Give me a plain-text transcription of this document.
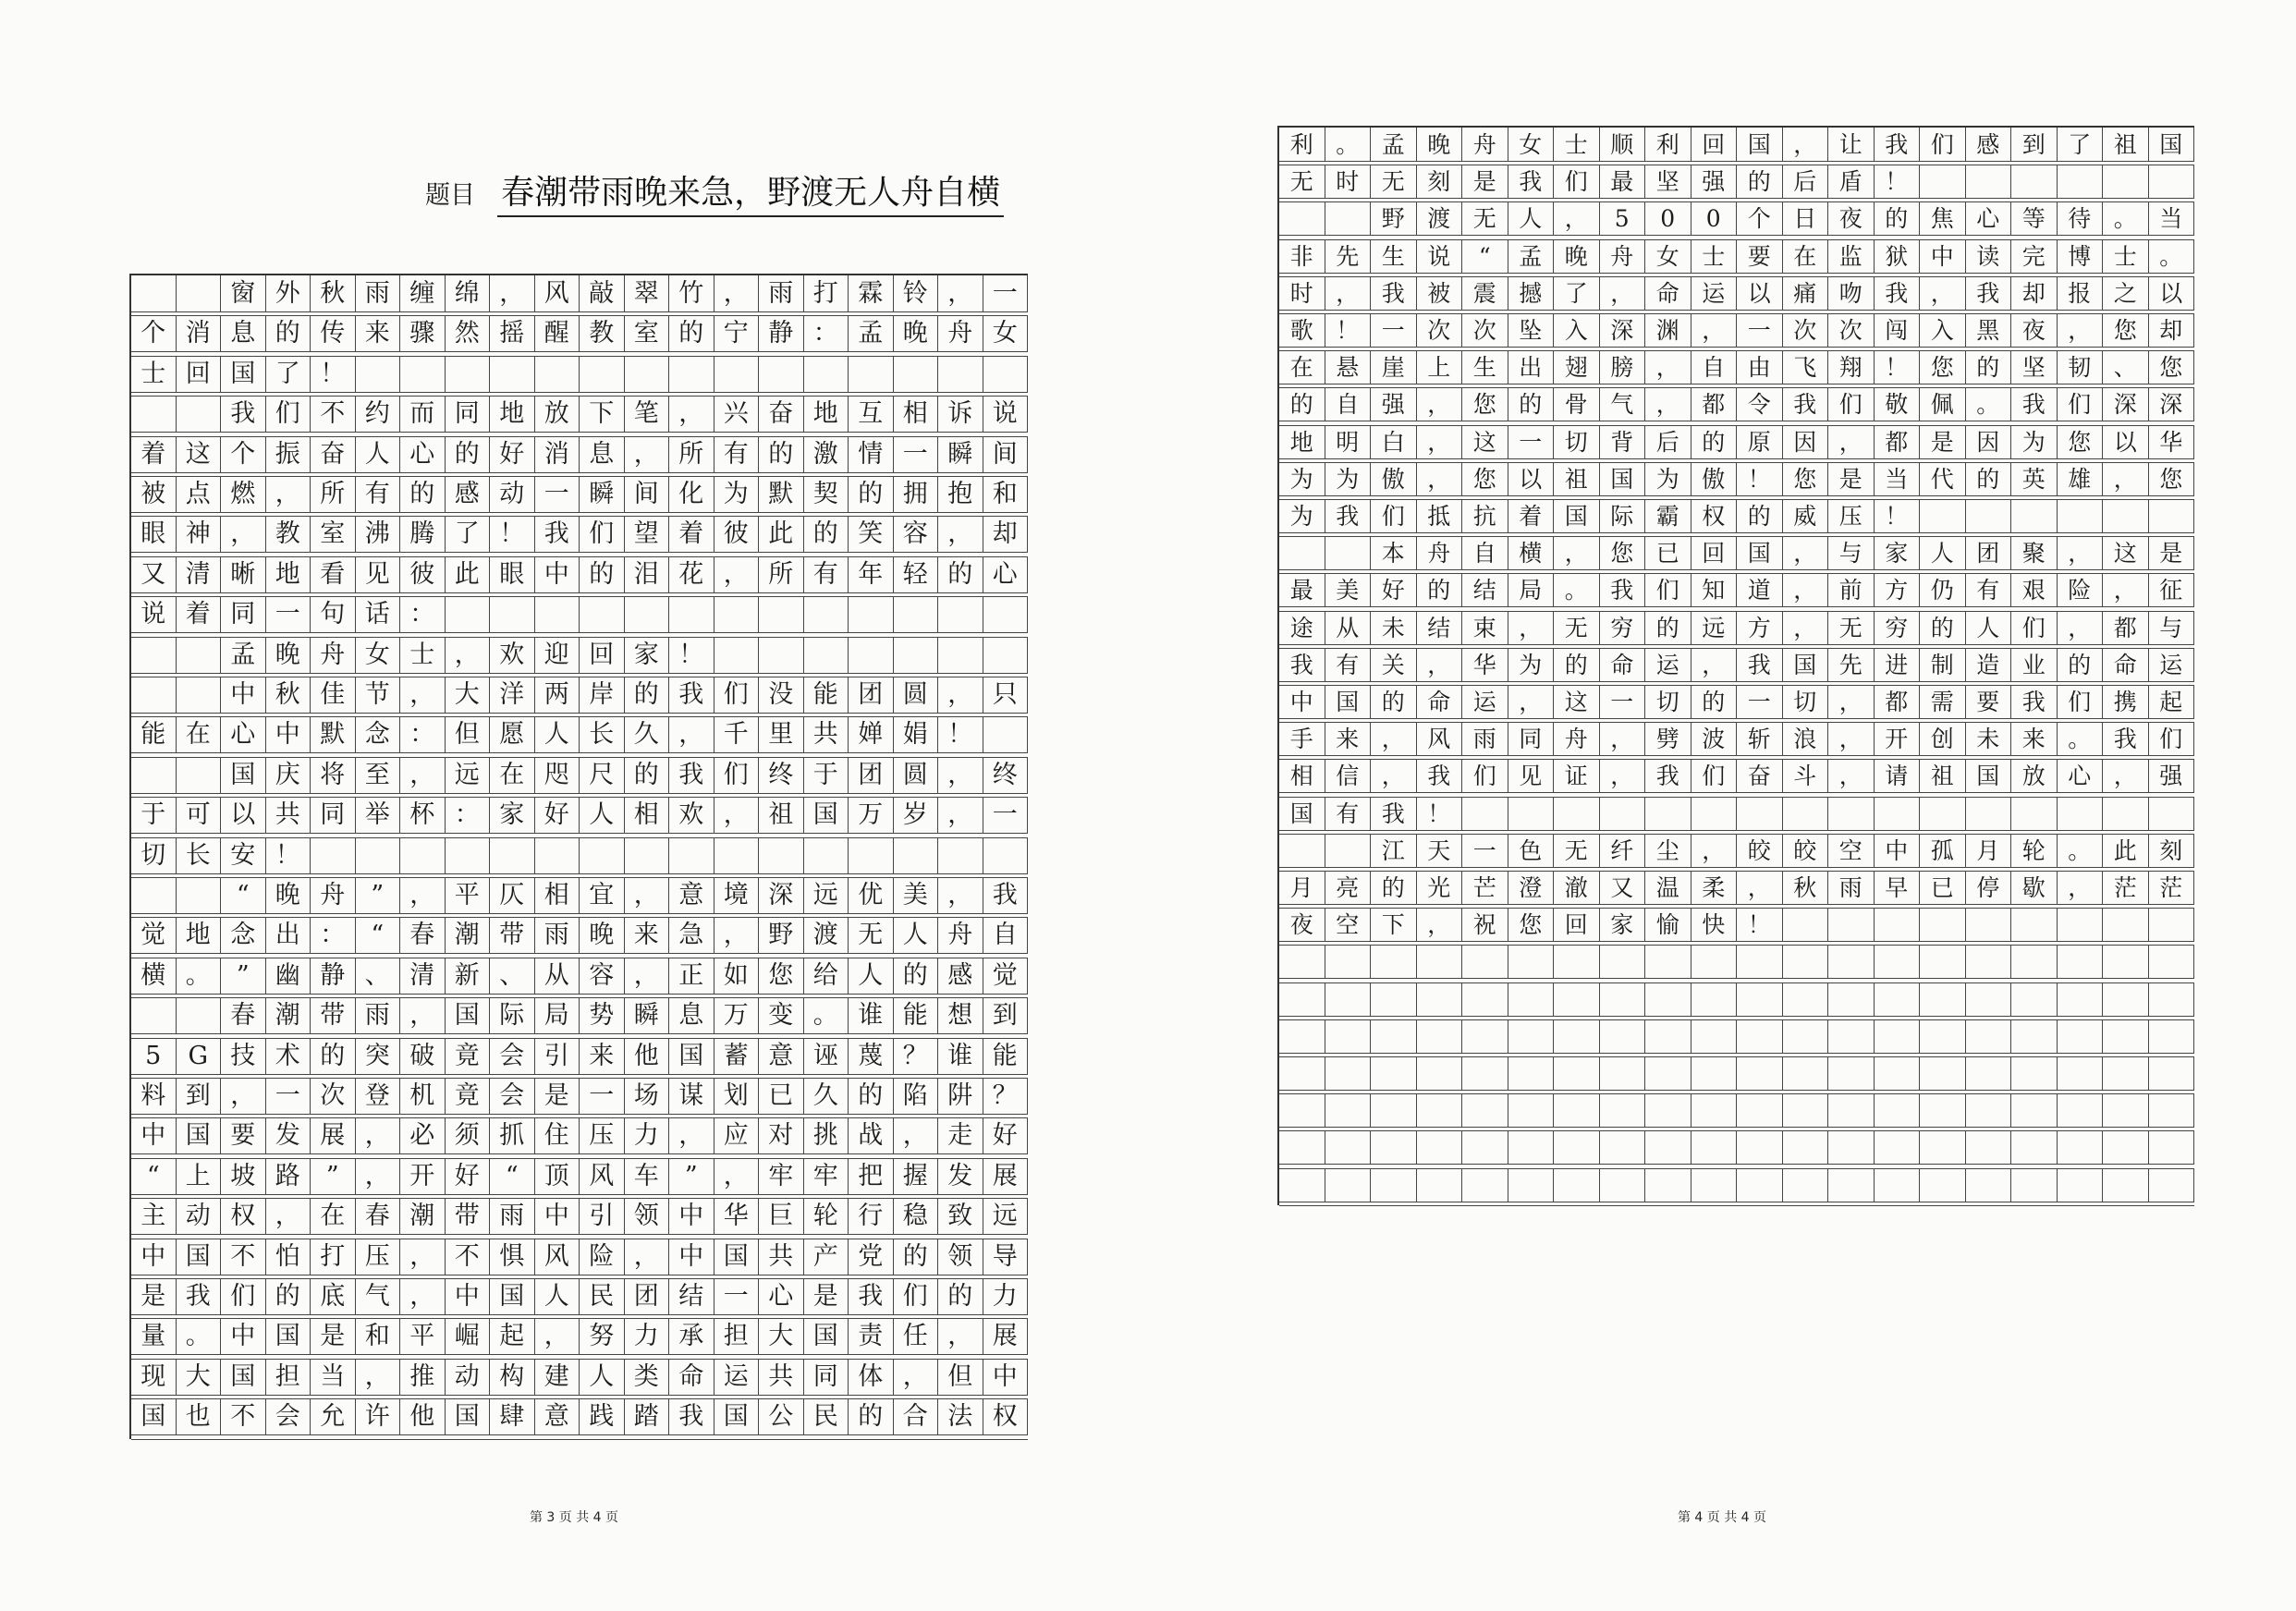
题目 春潮带雨晚来急，野渡无人舟自横
窗 外 秋 雨 缠 绵 ， 风 敲 翠 竹 ， 雨 打 霖 铃 ， 一
个 消 息 的 传 来 骤 然 摇 醒 教 室 的 宁 静 ： 孟 晚 舟 女
士 回 国 了 ！
我 们 不 约 而 同 地 放 下 笔 ， 兴 奋 地 互 相 诉 说
着 这 个 振 奋 人 心 的 好 消 息 ， 所 有 的 激 情 一 瞬 间
被 点 燃 ， 所 有 的 感 动 一 瞬 间 化 为 默 契 的 拥 抱 和
眼 神 ， 教 室 沸 腾 了 ！ 我 们 望 着 彼 此 的 笑 容 ， 却
又 清 晰 地 看 见 彼 此 眼 中 的 泪 花 ， 所 有 年 轻 的 心
说 着 同 一 句 话 ：
孟 晚 舟 女 士 ， 欢 迎 回 家 ！
中 秋 佳 节 ， 大 洋 两 岸 的 我 们 没 能 团 圆 ， 只
能 在 心 中 默 念 ： 但 愿 人 长 久 ， 千 里 共 婵 娟 ！
国 庆 将 至 ， 远 在 咫 尺 的 我 们 终 于 团 圆 ， 终
于 可 以 共 同 举 杯 ： 家 好 人 相 欢 ， 祖 国 万 岁 ， 一
切 长 安 ！
“	晚 舟	”	， 平 仄 相 宜 ， 意 境 深 远 优 美 ， 我
觉 地 念 出 ：	“	春 潮 带 雨 晚 来 急 ， 野 渡 无 人 舟 自
横 。	”	幽 静 、 清 新 、 从 容 ， 正 如 您 给 人 的 感 觉
春 潮 带 雨 ， 国 际 局 势 瞬 息 万 变 。 谁 能 想 到
5	G 技 术 的 突 破 竟 会 引 来 他 国 蓄 意 诬 蔑 ？ 谁 能
料 到 ， 一 次 登 机 竟 会 是 一 场 谋 划 已 久 的 陷 阱 ？
中 国 要 发 展 ， 必 须 抓 住 压 力 ， 应 对 挑 战 ， 走 好
“	上 坡 路	”	， 开 好	“	顶 风 车	”	， 牢 牢 把 握 发 展
主 动 权 ， 在 春 潮 带 雨 中 引 领 中 华 巨 轮 行 稳 致 远
中 国 不 怕 打 压 ， 不 惧 风 险 ， 中 国 共 产 党 的 领 导
是 我 们 的 底 气 ， 中 国 人 民 团 结 一 心 是 我 们 的 力
量 。 中 国 是 和 平 崛 起 ， 努 力 承 担 大 国 责 任 ， 展
现 大 国 担 当 ， 推 动 构 建 人 类 命 运 共 同 体 ， 但 中
国 也 不 会 允 许 他 国 肆 意 践 踏 我 国 公 民 的 合 法 权
第 3 页 共 4 页
利 。 孟 晚 舟 女 士 顺 利 回 国 ， 让 我 们 感 到 了 祖 国
无 时 无 刻 是 我 们 最 坚 强 的 后 盾 ！
野 渡 无 人 ，	5	0	0	个 日 夜 的 焦 心 等 待 。 当
非 先 生 说	“	孟 晚 舟 女 士 要 在 监 狱 中 读 完 博 士 。
时 ， 我 被 震 撼 了 ， 命 运 以 痛 吻 我 ， 我 却 报 之 以
歌 ！ 一 次 次 坠 入 深 渊 ， 一 次 次 闯 入 黑 夜 ， 您 却
在 悬 崖 上 生 出 翅 膀 ， 自 由 飞 翔 ！ 您 的 坚 韧 、 您
的 自 强 ， 您 的 骨 气 ， 都 令 我 们 敬 佩 。 我 们 深 深
地 明 白 ， 这 一 切 背 后 的 原 因 ， 都 是 因 为 您 以 华
为 为 傲 ， 您 以 祖 国 为 傲 ！ 您 是 当 代 的 英 雄 ， 您
为 我 们 抵 抗 着 国 际 霸 权 的 威 压 ！
本 舟 自 横 ， 您 已 回 国 ， 与 家 人 团 聚 ， 这 是
最 美 好 的 结 局 。 我 们 知 道 ， 前 方 仍 有 艰 险 ， 征
途 从 未 结 束 ， 无 穷 的 远 方 ， 无 穷 的 人 们 ， 都 与
我 有 关 ， 华 为 的 命 运 ， 我 国 先 进 制 造 业 的 命 运
中 国 的 命 运 ， 这 一 切 的 一 切 ， 都 需 要 我 们 携 起
手 来 ， 风 雨 同 舟 ， 劈 波 斩 浪 ， 开 创 未 来 。 我 们
相 信 ， 我 们 见 证 ， 我 们 奋 斗 ， 请 祖 国 放 心 ， 强
国 有 我 ！
江 天 一 色 无 纤 尘 ， 皎 皎 空 中 孤 月 轮 。 此 刻
月 亮 的 光 芒 澄 澈 又 温 柔 ， 秋 雨 早 已 停 歇 ， 茫 茫
夜 空 下 ， 祝 您 回 家 愉 快 ！
第 4 页 共 4 页
